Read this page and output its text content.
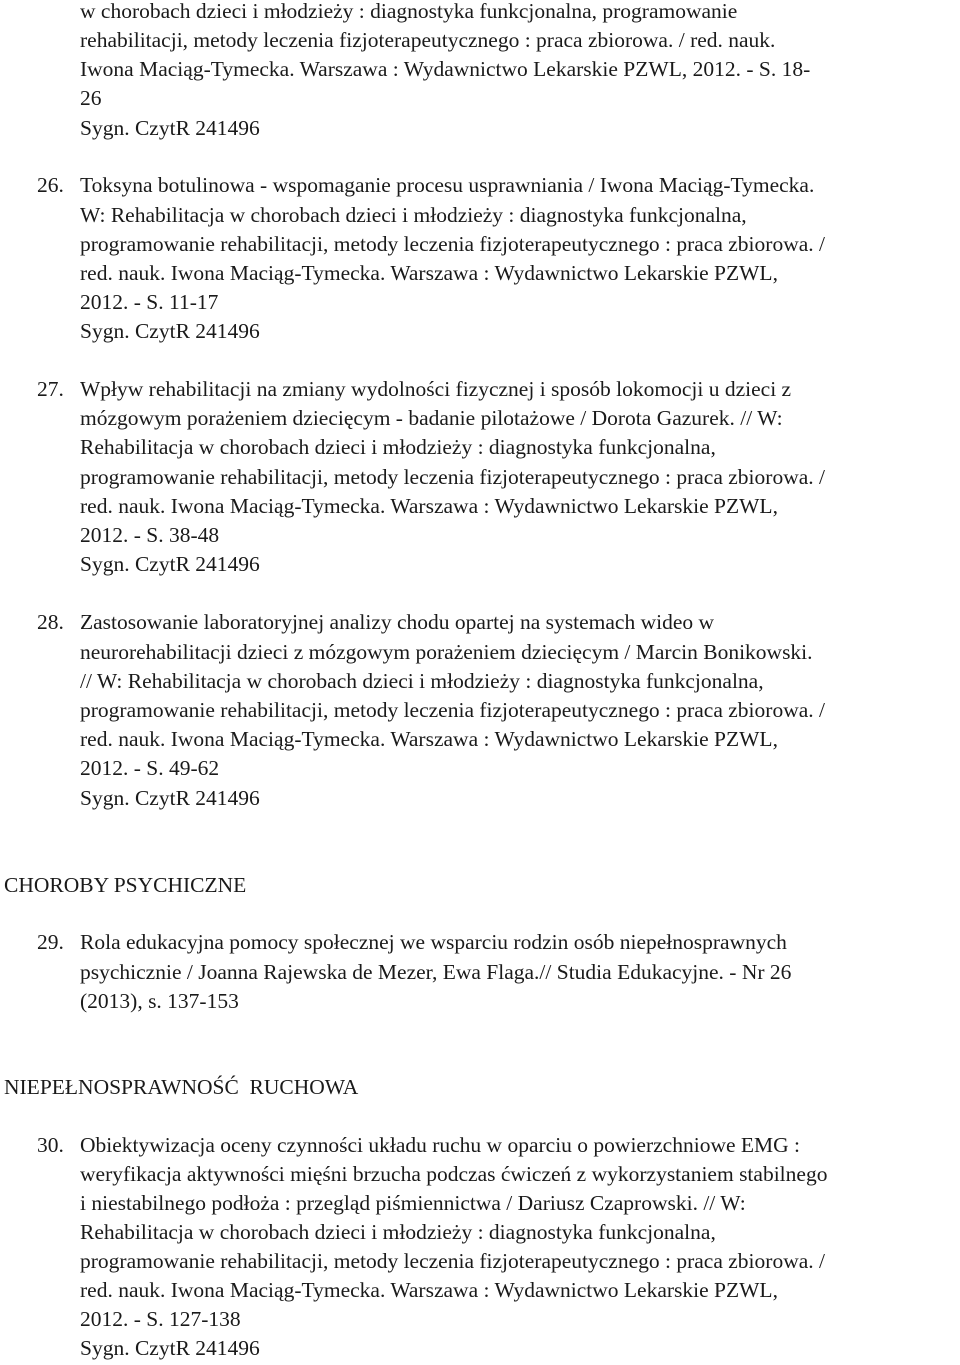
w chorobach dzieci i młodzieży : diagnostyka funkcjonalna, programowanie
rehabilitacji, metody leczenia fizjoterapeutycznego : praca zbiorowa. / red. nauk.
Iwona Maciąg-Tymecka. Warszawa : Wydawnictwo Lekarskie PZWL, 2012. - S. 18-
26
Sygn. CzytR 241496
26. Toksyna botulinowa - wspomaganie procesu usprawniania / Iwona Maciąg-Tymecka.
W: Rehabilitacja w chorobach dzieci i młodzieży : diagnostyka funkcjonalna,
programowanie rehabilitacji, metody leczenia fizjoterapeutycznego : praca zbiorowa. /
red. nauk. Iwona Maciąg-Tymecka. Warszawa : Wydawnictwo Lekarskie PZWL,
2012. - S. 11-17
Sygn. CzytR 241496
27. Wpływ rehabilitacji na zmiany wydolności fizycznej i sposób lokomocji u dzieci z
mózgowym porażeniem dziecięcym - badanie pilotażowe / Dorota Gazurek. // W:
Rehabilitacja w chorobach dzieci i młodzieży : diagnostyka funkcjonalna,
programowanie rehabilitacji, metody leczenia fizjoterapeutycznego : praca zbiorowa. /
red. nauk. Iwona Maciąg-Tymecka. Warszawa : Wydawnictwo Lekarskie PZWL,
2012. - S. 38-48
Sygn. CzytR 241496
28. Zastosowanie laboratoryjnej analizy chodu opartej na systemach wideo w
neurorehabilitacji dzieci z mózgowym porażeniem dziecięcym / Marcin Bonikowski.
// W: Rehabilitacja w chorobach dzieci i młodzieży : diagnostyka funkcjonalna,
programowanie rehabilitacji, metody leczenia fizjoterapeutycznego : praca zbiorowa. /
red. nauk. Iwona Maciąg-Tymecka. Warszawa : Wydawnictwo Lekarskie PZWL,
2012. - S. 49-62
Sygn. CzytR 241496
CHOROBY PSYCHICZNE
29. Rola edukacyjna pomocy społecznej we wsparciu rodzin osób niepełnosprawnych
psychicznie / Joanna Rajewska de Mezer, Ewa Flaga.// Studia Edukacyjne. - Nr 26
(2013), s. 137-153
NIEPEŁNOSPRAWNOŚĆ  RUCHOWA
30. Obiektywizacja oceny czynności układu ruchu w oparciu o powierzchniowe EMG :
weryfikacja aktywności mięśni brzucha podczas ćwiczeń z wykorzystaniem stabilnego
i niestabilnego podłoża : przegląd piśmiennictwa / Dariusz Czaprowski. // W:
Rehabilitacja w chorobach dzieci i młodzieży : diagnostyka funkcjonalna,
programowanie rehabilitacji, metody leczenia fizjoterapeutycznego : praca zbiorowa. /
red. nauk. Iwona Maciąg-Tymecka. Warszawa : Wydawnictwo Lekarskie PZWL,
2012. - S. 127-138
Sygn. CzytR 241496
